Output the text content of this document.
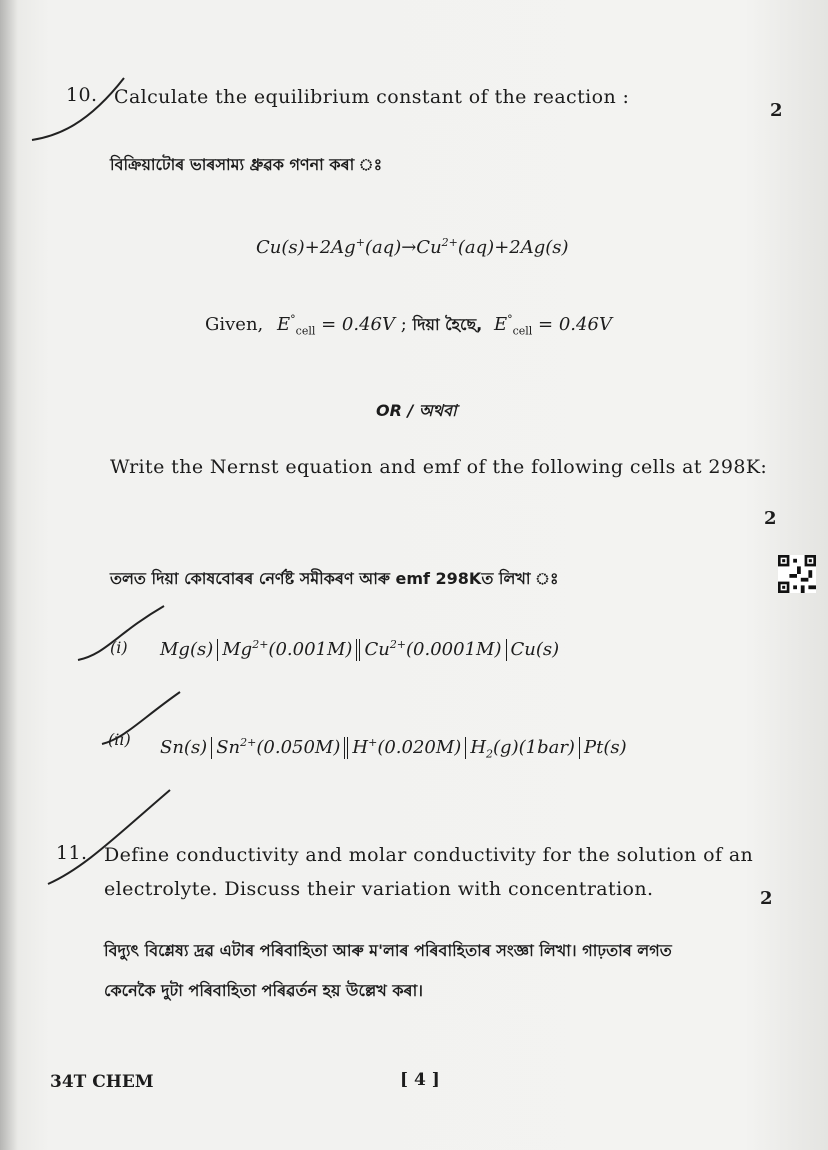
10. Calculate the equilibrium constant of the reaction :
2
বিক্ৰিয়াটোৰ ভাৰসাম্য ধ্ৰুৱক গণনা কৰা ঃ
$Cu(s)+2Ag^+(aq)\to Cu^{2+}(aq)+2Ag(s)$
Given, $E^\circ_{cell} = 0.46V$ ; দিয়া হৈছে, $E^\circ_{cell} = 0.46V$
OR / অথবা
Write the Nernst equation and emf of the following cells at 298K:
2
তলত দিয়া কোষবোৰৰ নেৰ্ণষ্ট সমীকৰণ আৰু emf 298Kত লিখা ঃ
(i) Mg(s) $Mg^{2+}(0.001M)$ $Cu^{2+}(0.0001M)$ Cu(s)
(ii) Sn(s) $Sn^{2+}(0.050M)$ H+(0.020M) $H_2(g)(1bar)$ Pt(s)
11. Define conductivity and molar conductivity for the solution of an
electrolyte. Discuss their variation with concentration.	2
বিদ্যুৎ বিশ্লেষ্য দ্ৰৱ এটাৰ পৰিবাহিতা আৰু ম'লাৰ পৰিবাহিতাৰ সংজ্ঞা লিখা। গাঢ়তাৰ লগত
কেনেকৈ দুটা পৰিবাহিতা পৰিৱৰ্তন হয় উল্লেখ কৰা।
34T CHEM	[ 4 ]
